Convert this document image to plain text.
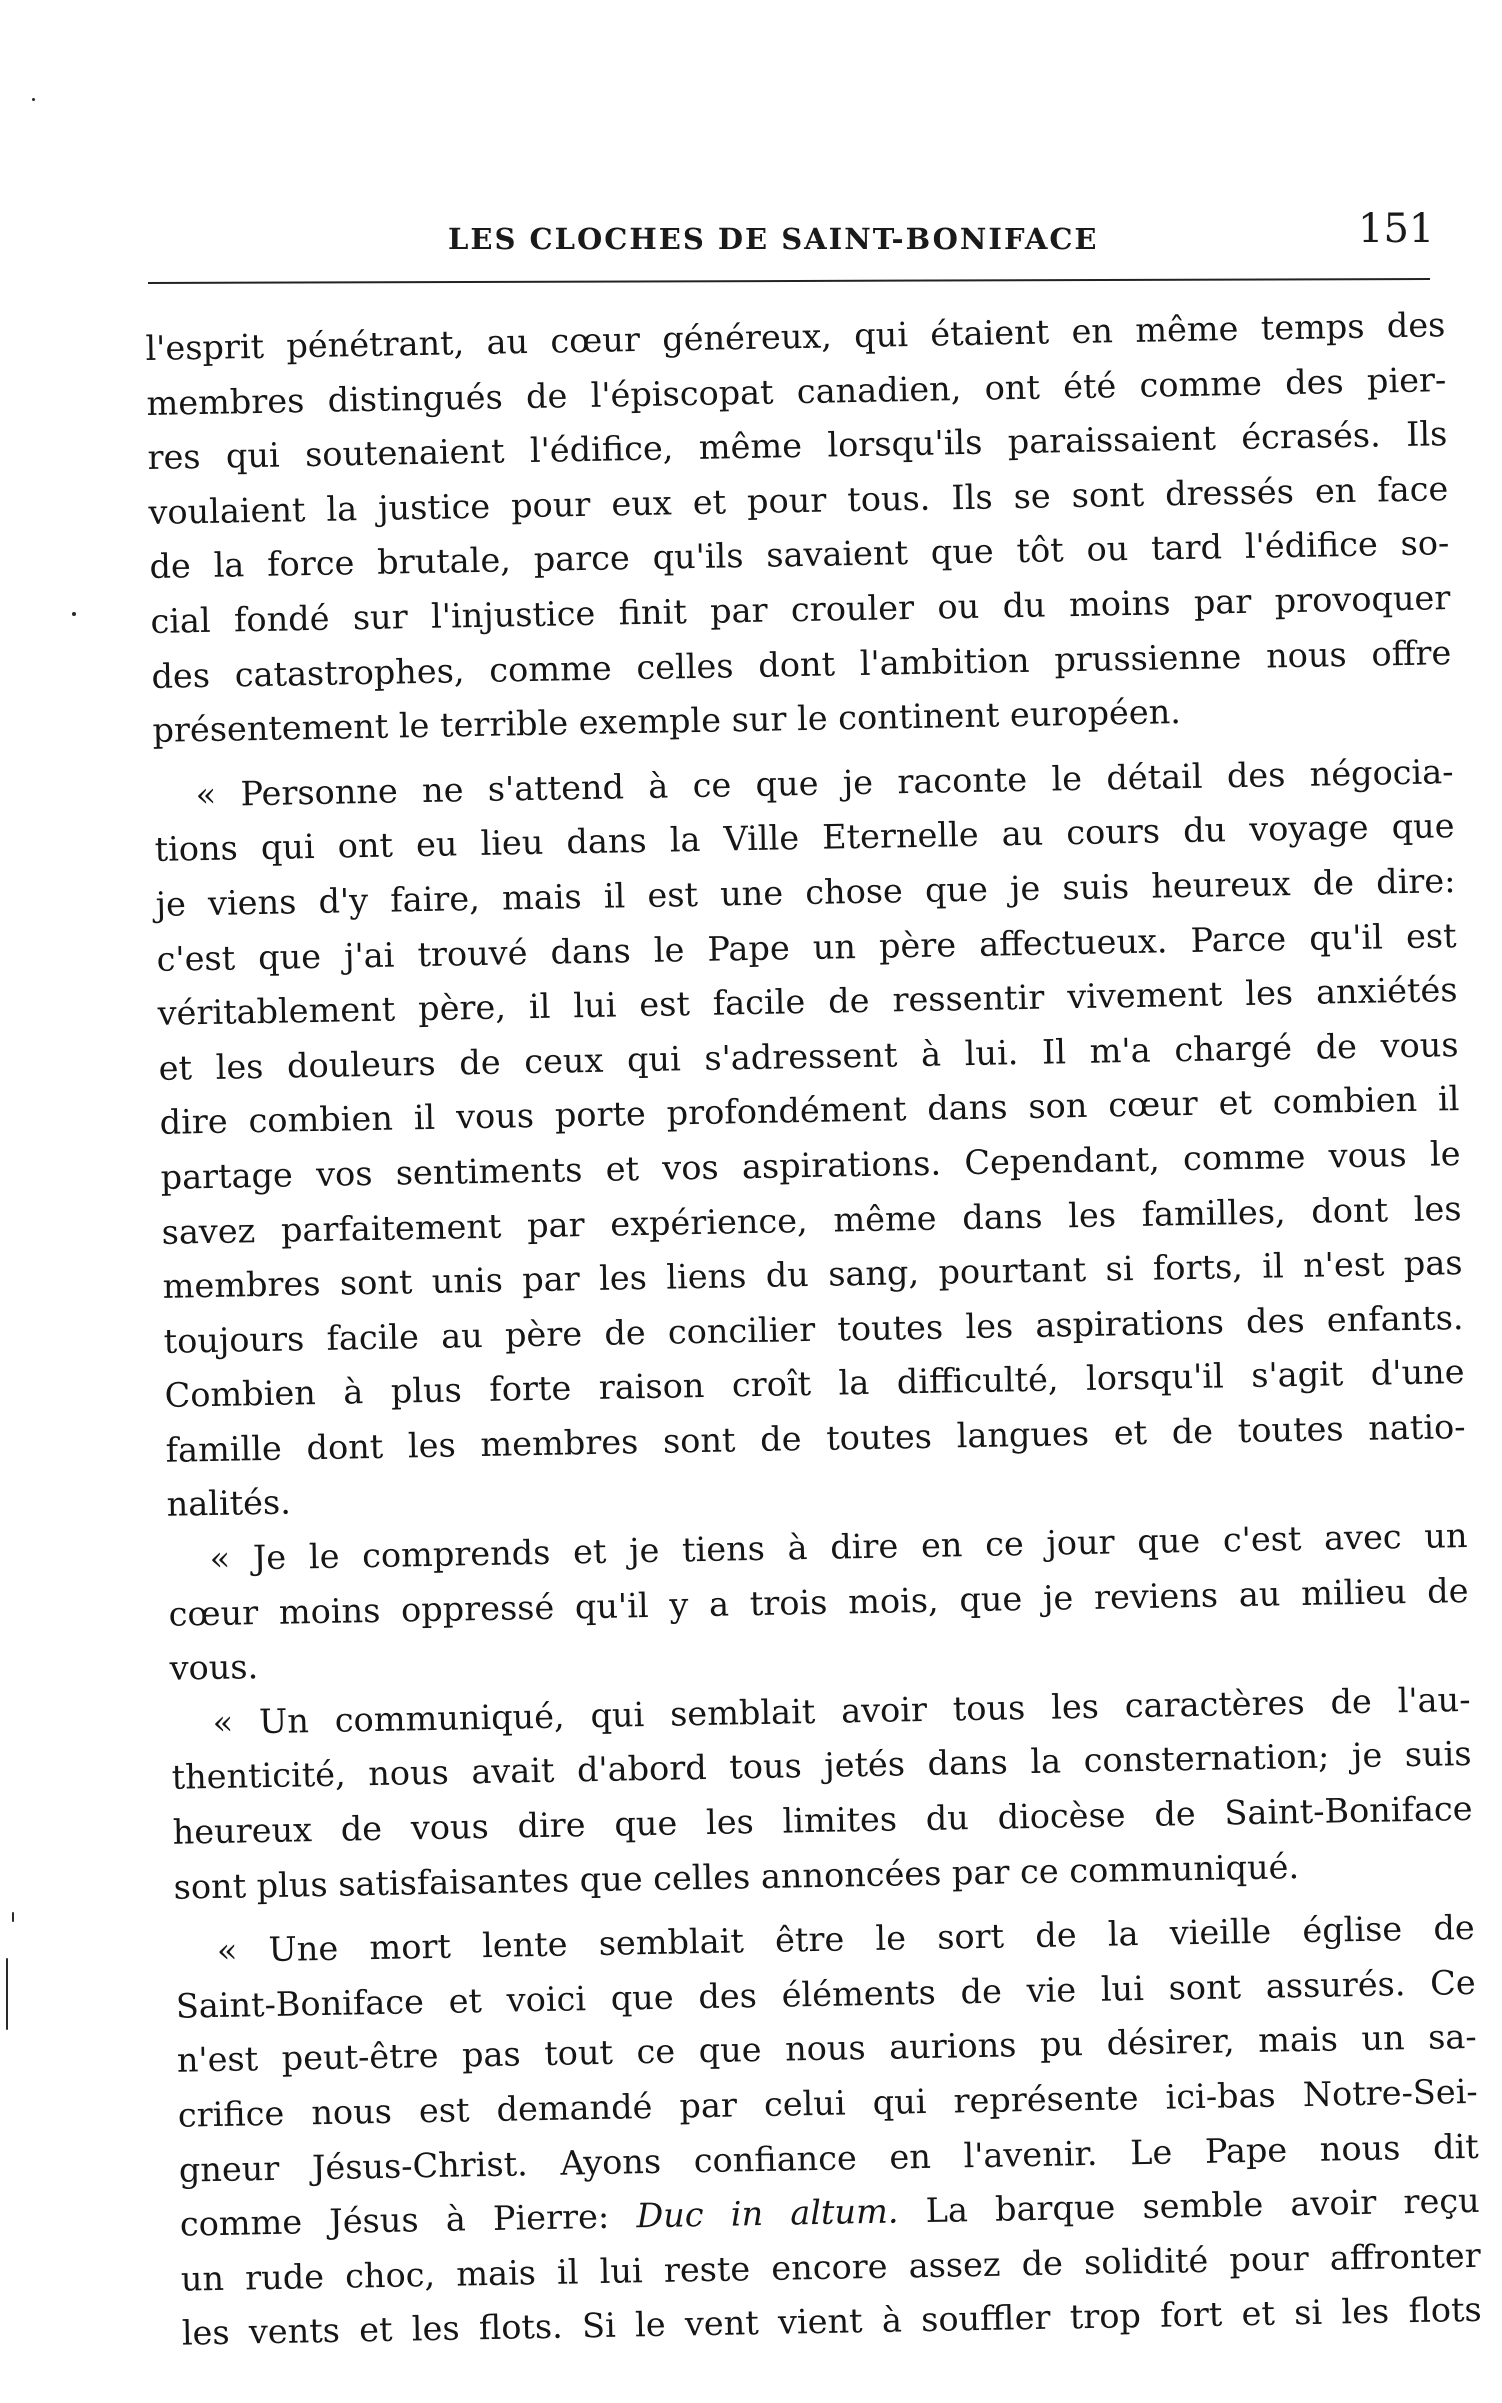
LES CLOCHES DE SAINT-BONIFACE	151
l'esprit pénétrant, au cœur généreux, qui étaient en même temps des
membres distingués de l'épiscopat canadien, ont été comme des pier-
res qui soutenaient l'édifice, même lorsqu'ils paraissaient écrasés. Ils
voulaient la justice pour eux et pour tous. Ils se sont dressés en face
de la force brutale, parce qu'ils savaient que tôt ou tard l'édifice so-
cial fondé sur l'injustice finit par crouler ou du moins par provoquer
des catastrophes, comme celles dont l'ambition prussienne nous offre
présentement le terrible exemple sur le continent européen.
« Personne ne s'attend à ce que je raconte le détail des négocia-
tions qui ont eu lieu dans la Ville Eternelle au cours du voyage que
je viens d'y faire, mais il est une chose que je suis heureux de dire:
c'est que j'ai trouvé dans le Pape un père affectueux. Parce qu'il est
véritablement père, il lui est facile de ressentir vivement les anxiétés
et les douleurs de ceux qui s'adressent à lui. Il m'a chargé de vous
dire combien il vous porte profondément dans son cœur et combien il
partage vos sentiments et vos aspirations. Cependant, comme vous le
savez parfaitement par expérience, même dans les familles, dont les
membres sont unis par les liens du sang, pourtant si forts, il n'est pas
toujours facile au père de concilier toutes les aspirations des enfants.
Combien à plus forte raison croît la difficulté, lorsqu'il s'agit d'une
famille dont les membres sont de toutes langues et de toutes natio-
nalités.
« Je le comprends et je tiens à dire en ce jour que c'est avec un
cœur moins oppressé qu'il y a trois mois, que je reviens au milieu de
vous.
« Un communiqué, qui semblait avoir tous les caractères de l'au-
thenticité, nous avait d'abord tous jetés dans la consternation; je suis
heureux de vous dire que les limites du diocèse de Saint-Boniface
sont plus satisfaisantes que celles annoncées par ce communiqué.
« Une mort lente semblait être le sort de la vieille église de
Saint-Boniface et voici que des éléments de vie lui sont assurés. Ce
n'est peut-être pas tout ce que nous aurions pu désirer, mais un sa-
crifice nous est demandé par celui qui représente ici-bas Notre-Sei-
gneur Jésus-Christ. Ayons confiance en l'avenir. Le Pape nous dit
comme Jésus à Pierre: Duc in altum. La barque semble avoir reçu
un rude choc, mais il lui reste encore assez de solidité pour affronter
les vents et les flots. Si le vent vient à souffler trop fort et si les flots
